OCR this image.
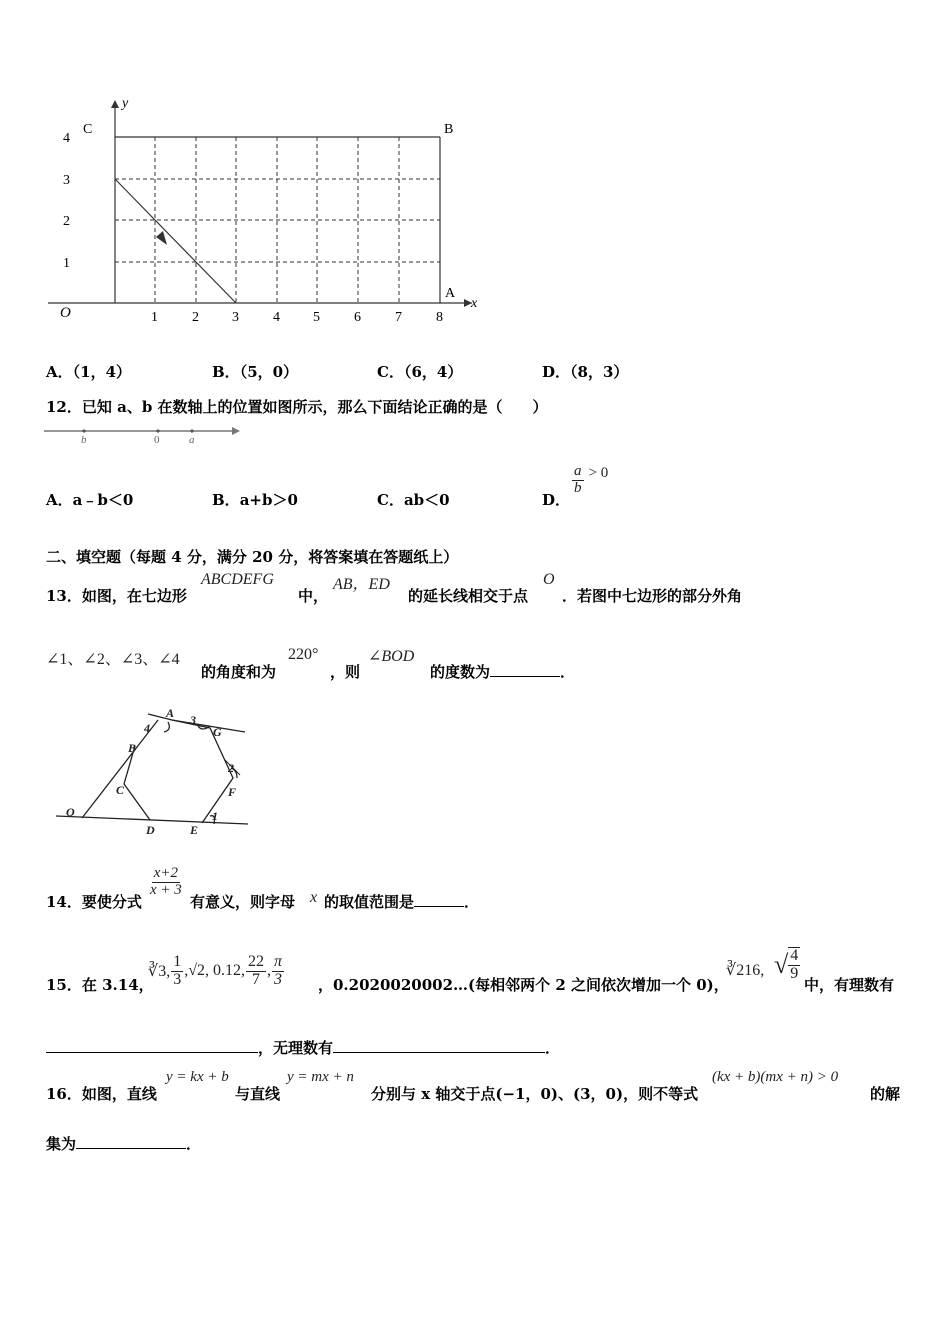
y
x
O
C	B
A
4
3
2
1
1 2 3 4 5 6 7 8
A．（1，4）	B．（5，0）	C．（6，4）	D．（8，3）
12．已知 a、b 在数轴上的位置如图所示，那么下面结论正确的是（　　）
b	0	a
A．a﹣b＜0	B．a+b＞0	C．ab＜0	D．
$\frac{a}{b} > 0$
二、填空题（每题 4 分，满分 20 分，将答案填在答题纸上）
13．如图，在七边形
ABCDEFG
中，
AB，ED
的延长线相交于点
O
．若图中七边形的部分外角
∠1、∠2、∠3、∠4
的角度和为
220°
，则
∠BOD
的度数为	．
A
B
C
D	E
F
G
O	1
2
3
4
14．要使分式
$\frac{x+2}{x + 3}$
有意义，则字母 x 的取值范围是	．
15．在 3.14，
∛3, $\frac{1}{3} ,√2$, 0.12, $\frac{22}{7}$ , $\frac{\pi}{3}$ ，0.2020020002…(每相邻两个 2 之间依次增加一个 0)，
∛216, √ $\frac{4}{9}$
中，有理数有
，无理数有	．
16．如图，直线
y = kx + b
与直线
y = mx + n
分别与 x 轴交于点(−1，0)、(3，0)，则不等式
(kx + b)(mx + n) > 0
的解
集为	．
